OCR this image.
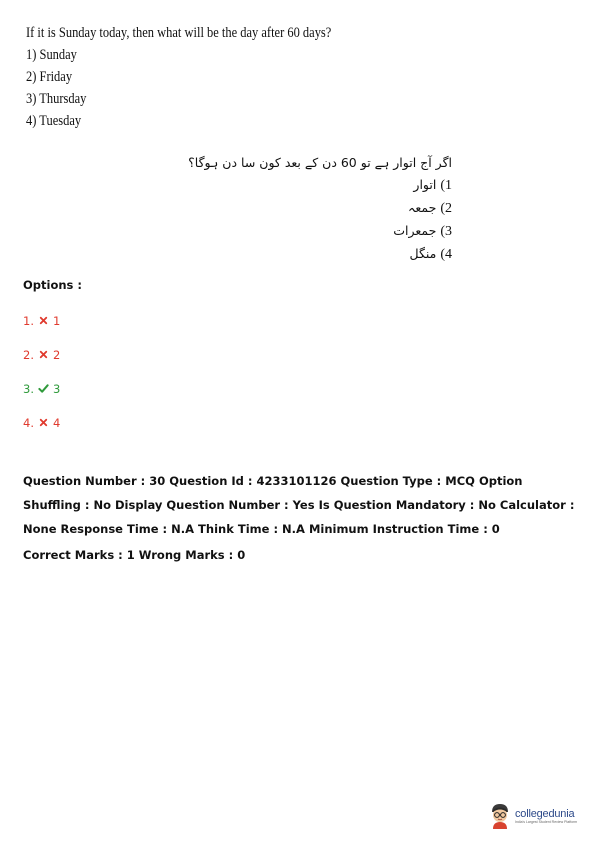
If it is Sunday today, then what will be the day after 60 days?
1) Sunday
2) Friday
3) Thursday
4) Tuesday
اگر آج اتوار ہے تو 60 دن کے بعد کون سا دن ہوگا؟
1) اتوار
2) جمعہ
3) جمعرات
4) منگل
Options :
1. 1
2. 2
3. 3
4. 4

Question Number : 30 Question Id : 4233101126 Question Type : MCQ Option Shuffling : No Display Question Number : Yes Is Question Mandatory : No Calculator : None Response Time : N.A Think Time : N.A Minimum Instruction Time : 0

Correct Marks : 1 Wrong Marks : 0

collegedunia
India's Largest Student Review Platform
